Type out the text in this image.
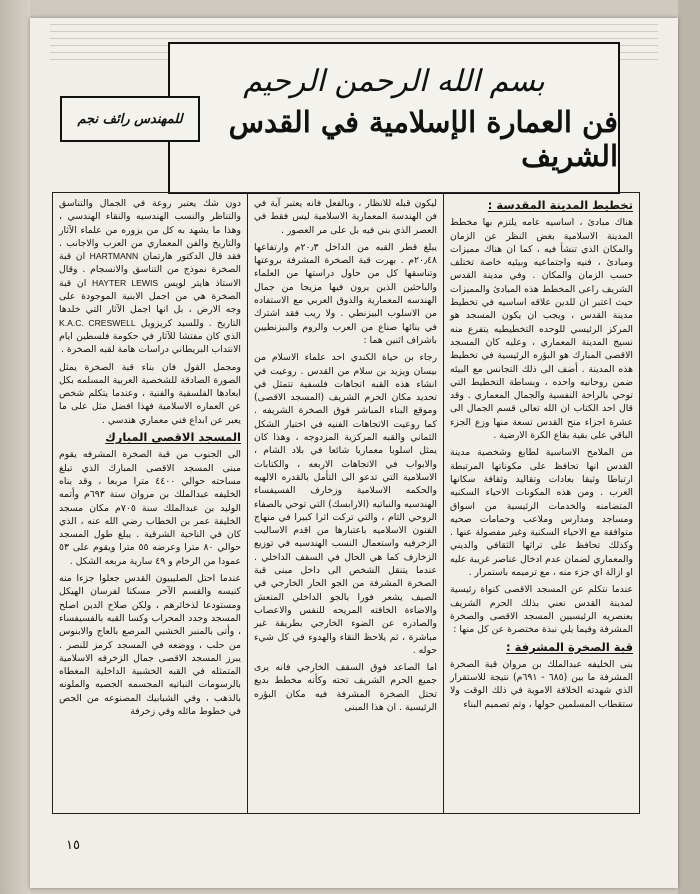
بسم الله الرحمن الرحيم
فن العمارة الإسلامية في القدس الشريف
للمهندس رائف نجم
تخطيط المدينة المقدسة :

هناك مبادئ ، اساسيه عامه يلتزم بها مخطط المدينة الاسلامية بغض النظر عن الزمان والمكان الذي تنشأ فيه ، كما ان هناك مميزات ومبادئ ، فنيه واجتماعيه وبيئيه خاصة تختلف حسب الزمان والمكان . وفي مدينة القدس الشريف راعى المخطط هذه المبادئ والمميزات حيث اعتبر ان للدين علاقه اساسيه في تخطيط مدينة القدس ، ويجب ان يكون المسجد هو المركز الرئيسي للوحده التخطيطيه يتفرع منه نسيج المدينة المعماري ، وعليه كان المسجد الاقصى المبارك هو البؤره الرئيسية في تخطيط هذه المدينة . أضف الى ذلك التجانس مع البيئه ضمن روحانيه واحده ، وبساطة التخطيط التي توحي بالراحة النفسية والجمال المعماري . وقد قال احد الكتاب ان الله تعالى قسم الجمال الى عشرة اجزاء منح القدس تسعة منها وزع الجزء الباقي على بقية بقاع الكرة الارضية .

من الملامح الاساسية لطابع وشخصية مدينة القدس انها تحافظ على مكوناتها المرتبطة ارتباطا وثيقا بعادات وتقاليد وثقافة سكانها العرب . ومن هذه المكونات الاحياء السكنيه المتضامنه والخدمات الرئيسية من اسواق ومساجد ومدارس وملاعب وحمامات صحيه متوافقة مع الاحياء السكنية وغير مفصولة عنها . وكذلك تحافظ على تراثها الثقافي والديني والمعماري لضمان عدم ادخال عناصر غريبة عليه او ازالة اي جزء منه ، مع ترميمه باستمرار .

عندما نتكلم عن المسجد الاقصى كنواة رئيسية لمدينة القدس نعني بذلك الحرم الشريف بعنصريه الرئيسيين المسجد الاقصى والصخرة المشرفة وفيما يلي نبذة مختصرة عن كل منها :

قبة الصخرة المشرفة :

بنى الخليفه عبدالملك بن مروان قبة الصخرة المشرفة ما بين (٦٨٥ - ٦٩١م) نتيجة للاستقرار الذي شهدته الخلافة الاموية في ذلك الوقت ولا ستقطاب المسلمين حولها ، وتم تصميم البناء

ليكون قبله للانظار ، وبالفعل فانه يعتبر آية في فن الهندسة المعمارية الاسلامية ليس فقط في العصر الذي بني فيه بل على مر العصور .

يبلغ قطر القبه من الداخل ٢٠٫٣م وارتفاعها ٢٠٫٤٨م . بهرت قبة الصخرة المشرفة بروعتها وتناسقها كل من حاول دراستها من العلماء والباحثين الذين يرون فيها مزيجا من جمال الهندسه المعمارية والذوق العربي مع الاستفاده من الاسلوب البيزنطي . ولا ريب فقد اشترك في بنائها صناع من العرب والروم والبيزنطيين باشراف اثنين هما :

رجاء بن حياة الكندي احد علماء الاسلام من بيسان ويزيد بن سلام من القدس . روعيت في انشاء هذه القبه اتجاهات فلسفية تتمثل في تحديد مكان الحرم الشريف (المسجد الاقصى) وموقع البناء المباشر فوق الصخرة الشريفه . كما روعيت الاتجاهات الفنيه في اختيار الشكل الثماني والقبه المركزية المزدوجه ، وهذا كان يمثل اسلوبا معماريا شائعا في بلاد الشام ، والابواب في الاتجاهات الاربعه ، والكتابات الاسلامية التي تدعو الى التأمل بالقدره الالهيه والحكمه الاسلامية وزخارف الفسيفساء الهندسيه والنباتيه (الارابسك) التي توحي بالصفاء الروحي التام ، والتي تركت اثرا كبيرا في منهاج الفنون الاسلاميه باعتبارها من اقدم الاساليب الزخرفيه واستعمال النسب الهندسيه في توزيع الزخارف كما هي الحال في السقف الداخلي . عندما يتنقل الشخص الى داخل مبنى قبة الصخرة المشرفة من الجو الحار الخارجي في الصيف يشعر فورا بالجو الداخلي المنعش والاضاءة الخافته المريحه للنفس والاعصاب والصادره عن الضوء الخارجي بطريقة غير مباشرة ، ثم يلاحظ النقاء والهدوء في كل شيء حوله .

اما الصاعد فوق السقف الخارجي فانه يرى جميع الحرم الشريف تحته وكأنه مخطط بديع تحتل الصخرة المشرفة فيه مكان البؤره الرئيسية . ان هذا المبنى

دون شك يعتبر روعة في الجمال والتناسق والتناظر والنسب الهندسيه والنقاء الهندسي ، وهذا ما يشهد به كل من يزوره من علماء الآثار والتاريخ والفن المعماري من العرب والاجانب . فقد قال الدكتور هارتمان HARTMANN ان قبة الصخرة نموذج من التناسق والانسجام . وقال الاستاذ هايتر لويس HAYTER LEWIS ان قبة الصخرة هي من اجمل الابنية الموجودة على وجه الارض ، بل انها اجمل الآثار التي خلدها التاريخ . وللسيد كريزويل K.A.C. CRESWELL الذي كان مفتشا للآثار في حكومة فلسطين ايام الانتداب البريطاني دراسات هامة لقبه الصخرة .

ومجمل القول فان بناء قبة الصخرة يمثل الصورة الصادقة للشخصية العربية المسلمه بكل ابعادها الفلسفية والفنية ، وعندما يتكلم شخص عن العماره الاسلامية فهذا افضل مثل على ما يعبر عن ابداع فني معماري هندسي .

المسجد الاقصى المبارك

الى الجنوب من قبة الصخرة المشرفه يقوم مبنى المسجد الاقصى المبارك الذي تبلغ مساحته حوالي ٤٤٠٠ مترا مربعا ، وقد بناه الخليفه عبدالملك بن مروان سنة ٦٩٣م وأتمه الوليد بن عبدالملك سنة ٧٠٥م مكان مسجد الخليفة عمر بن الخطاب رضي الله عنه ، الذي كان في الناحية الشرقية . يبلغ طول المسجد حوالي ٨٠ مترا وعرضه ٥٥ مترا ويقوم على ٥٣ عمودا من الرخام و ٤٩ سارية مربعه الشكل .

عندما احتل الصليبيون القدس جعلوا جزءا منه كنيسه والقسم الآخر مسكنا لفرسان الهيكل ومستودعا لذخائرهم ، ولكن صلاح الدين اصلح المسجد وجدد المحراب وكسا القبه بالفسيفساء ، وأتى بالمنبر الخشبي المرصع بالعاج والابنوس من حلب ، ووضعه في المسجد كرمز للنصر . يبرز المسجد الاقصى جمال الزخرفه الاسلامية المتمثله في القبه الخشبية الداخلية المغطاه بالرسومات النباتيه المجسمه الجصيه والملونه بالذهب ، وفي الشبابيك المصنوعه من الجص في خطوط مائله وفي زخرفة

١٥
